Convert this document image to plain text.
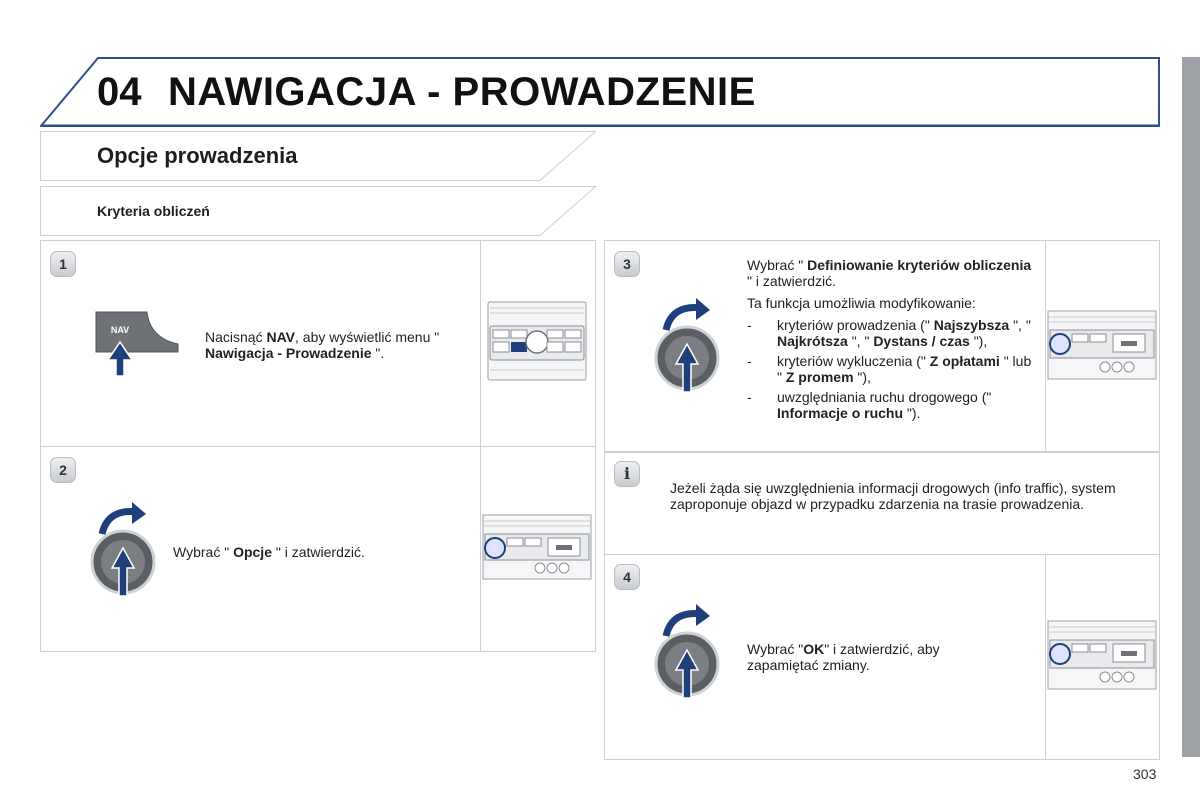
04 NAWIGACJA - PROWADZENIE
Opcje prowadzenia
Kryteria obliczeń
1
NAV	Nacisnąć NAV, aby wyświetlić menu " Nawigacja - Prowadzenie ".
2
Wybrać " Opcje " i zatwierdzić.
3	Wybrać " Definiowanie kryteriów obliczenia " i zatwierdzić.
Ta funkcja umożliwia modyfikowanie:
- kryteriów prowadzenia (" Najszybsza ", " Najkrótsza ", " Dystans / czas "),
- kryteriów wykluczenia (" Z opłatami " lub " Z promem "),
- uwzględniania ruchu drogowego (" Informacje o ruchu ").
i
Jeżeli żąda się uwzględnienia informacji drogowych (info traffic), system zaproponuje objazd w przypadku zdarzenia na trasie prowadzenia.
4
Wybrać "OK" i zatwierdzić, aby zapamiętać zmiany.
303
